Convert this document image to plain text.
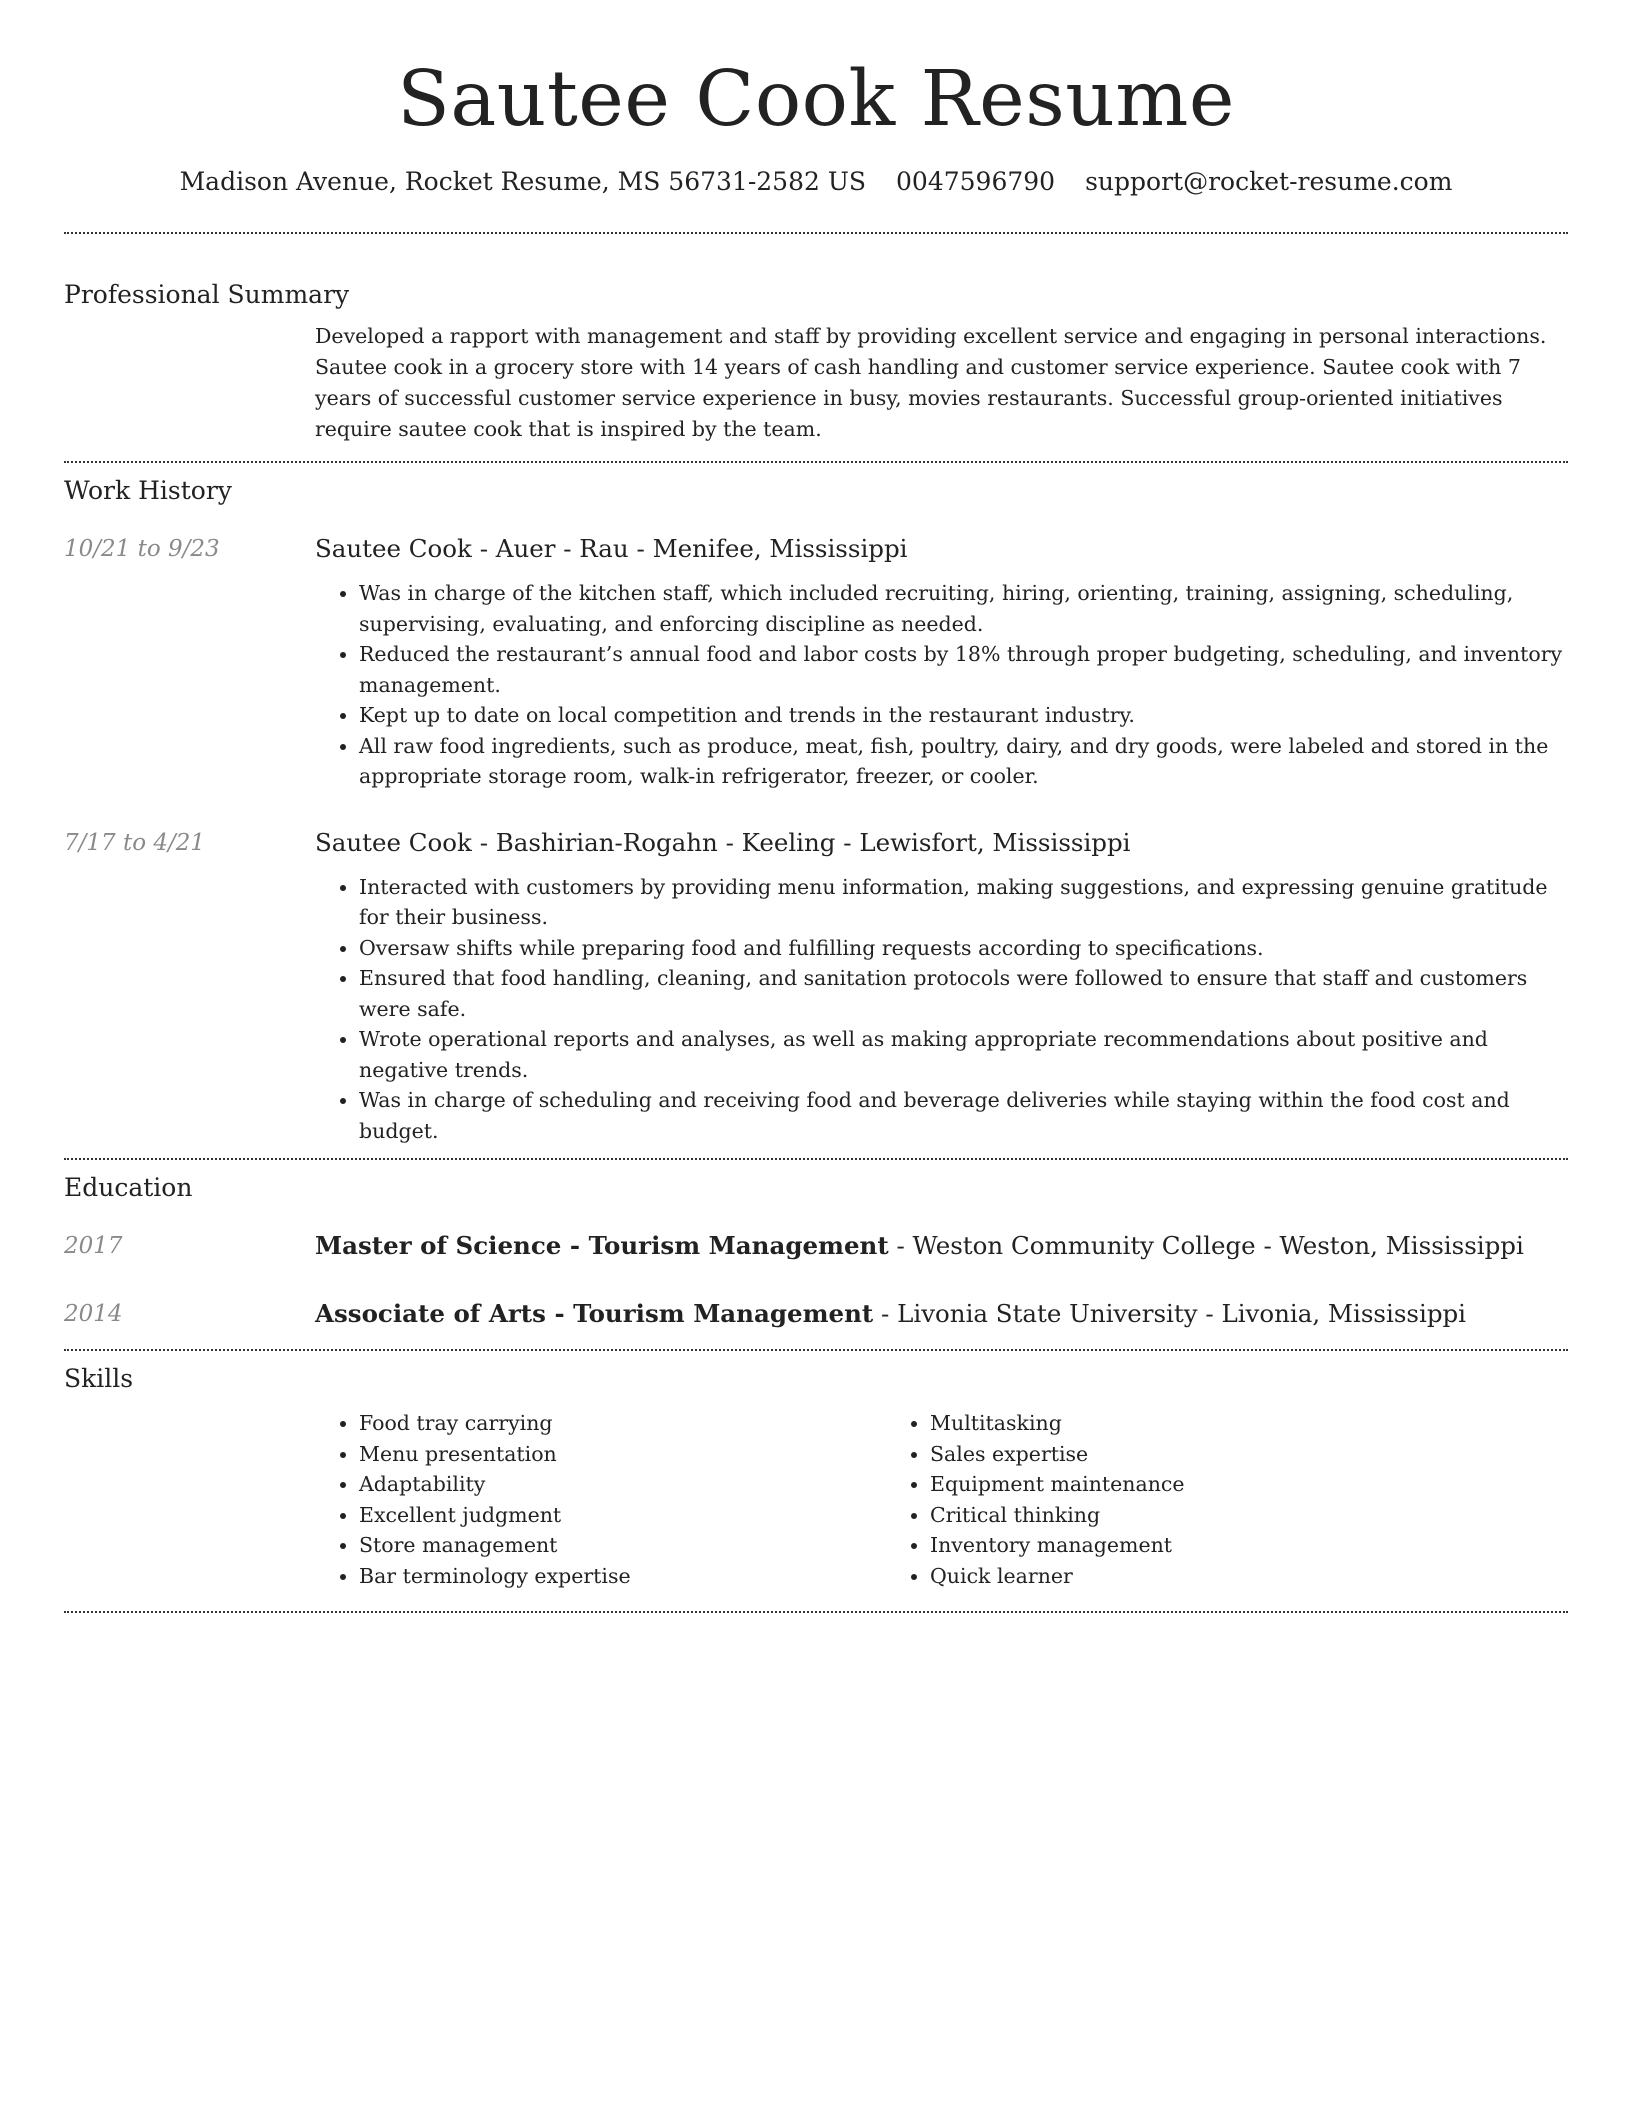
Sautee Cook Resume
Madison Avenue, Rocket Resume, MS 56731-2582 US 0047596790 support@rocket-resume.com
Professional Summary

Developed a rapport with management and staff by providing excellent service and engaging in personal interactions. Sautee cook in a grocery store with 14 years of cash handling and customer service experience. Sautee cook with 7 years of successful customer service experience in busy, movies restaurants. Successful group-oriented initiatives require sautee cook that is inspired by the team.

Work History
10/21 to 9/23	Sautee Cook - Auer - Rau - Menifee, Mississippi

• Was in charge of the kitchen staff, which included recruiting, hiring, orienting, training, assigning, scheduling, supervising, evaluating, and enforcing discipline as needed.
• Reduced the restaurant’s annual food and labor costs by 18% through proper budgeting, scheduling, and inventory management.
• Kept up to date on local competition and trends in the restaurant industry.
• All raw food ingredients, such as produce, meat, fish, poultry, dairy, and dry goods, were labeled and stored in the appropriate storage room, walk-in refrigerator, freezer, or cooler.
7/17 to 4/21	Sautee Cook - Bashirian-Rogahn - Keeling - Lewisfort, Mississippi

• Interacted with customers by providing menu information, making suggestions, and expressing genuine gratitude for their business.
• Oversaw shifts while preparing food and fulfilling requests according to specifications.
• Ensured that food handling, cleaning, and sanitation protocols were followed to ensure that staff and customers were safe.
• Wrote operational reports and analyses, as well as making appropriate recommendations about positive and negative trends.
• Was in charge of scheduling and receiving food and beverage deliveries while staying within the food cost and budget.
Education
2017	Master of Science - Tourism Management - Weston Community College - Weston, Mississippi

2014	Associate of Arts - Tourism Management - Livonia State University - Livonia, Mississippi

Skills
• Food tray carrying
• Menu presentation
• Adaptability
• Excellent judgment
• Store management
• Bar terminology expertise
• Multitasking
• Sales expertise
• Equipment maintenance
• Critical thinking
• Inventory management
• Quick learner
